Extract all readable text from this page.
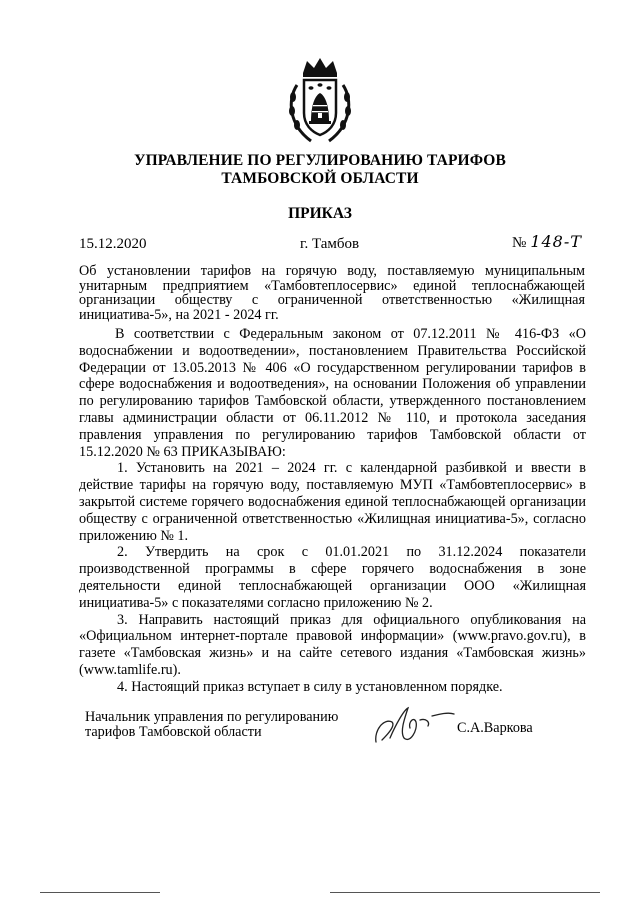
УПРАВЛЕНИЕ ПО РЕГУЛИРОВАНИЮ ТАРИФОВ
ТАМБОВСКОЙ ОБЛАСТИ
ПРИКАЗ
15.12.2020	г. Тамбов	№ 148-Т
Об установлении тарифов на горячую воду, поставляемую муниципальным унитарным предприятием «Тамбовтеплосервис» единой теплоснабжающей организации обществу с ограниченной ответственностью «Жилищная инициатива-5», на 2021 - 2024 гг.

В соответствии с Федеральным законом от 07.12.2011 № 416-ФЗ «О водоснабжении и водоотведении», постановлением Правительства Российской Федерации от 13.05.2013 № 406 «О государственном регулировании тарифов в сфере водоснабжения и водоотведения», на основании Положения об управлении по регулированию тарифов Тамбовской области, утвержденного постановлением главы администрации области от 06.11.2012 № 110, и протокола заседания правления управления по регулированию тарифов Тамбовской области от 15.12.2020 № 63 ПРИКАЗЫВАЮ:

1. Установить на 2021 – 2024 гг. с календарной разбивкой и ввести в действие тарифы на горячую воду, поставляемую МУП «Тамбовтеплосервис» в закрытой системе горячего водоснабжения единой теплоснабжающей организации обществу с ограниченной ответственностью «Жилищная инициатива-5», согласно приложению № 1.

2. Утвердить на срок с 01.01.2021 по 31.12.2024 показатели производственной программы в сфере горячего водоснабжения в зоне деятельности единой теплоснабжающей организации ООО «Жилищная инициатива-5» с показателями согласно приложению № 2.

3. Направить настоящий приказ для официального опубликования на «Официальном интернет-портале правовой информации» (www.pravo.gov.ru), в газете «Тамбовская жизнь» и на сайте сетевого издания «Тамбовская жизнь» (www.tamlife.ru).

4. Настоящий приказ вступает в силу в установленном порядке.

Начальник управления по регулированию
тарифов Тамбовской области	С.А.Варкова
